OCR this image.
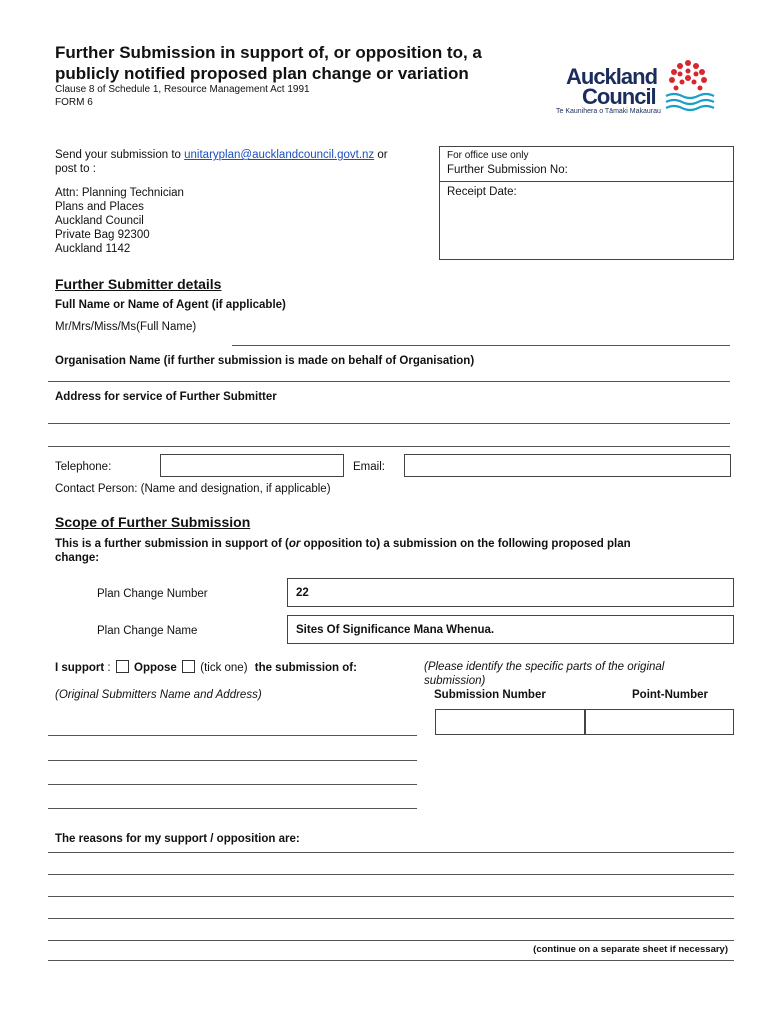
Further Submission in support of, or opposition to, a
publicly notified proposed plan change or variation
Clause 8 of Schedule 1, Resource Management Act 1991
FORM 6
Auckland
Council
Te Kaunihera o Tāmaki Makaurau
Send your submission to unitaryplan@aucklandcouncil.govt.nz or
post to :
Attn: Planning Technician
Plans and Places
Auckland Council
Private Bag 92300
Auckland 1142
For office use only
Further Submission No:
Receipt Date:
Further Submitter details
Full Name or Name of Agent (if applicable)
Mr/Mrs/Miss/Ms(Full Name)
Organisation Name (if further submission is made on behalf of Organisation)
Address for service of Further Submitter
Telephone:	Email:
Contact Person: (Name and designation, if applicable)
Scope of Further Submission
This is a further submission in support of (or opposition to) a submission on the following proposed plan
change:
Plan Change Number	22
Plan Change Name	Sites Of Significance Mana Whenua.
I support : Oppose (tick one) the submission of:	(Please identify the specific parts of the original
submission)
(Original Submitters Name and Address)	Submission Number	Point-Number
The reasons for my support / opposition are:
(continue on a separate sheet if necessary)
